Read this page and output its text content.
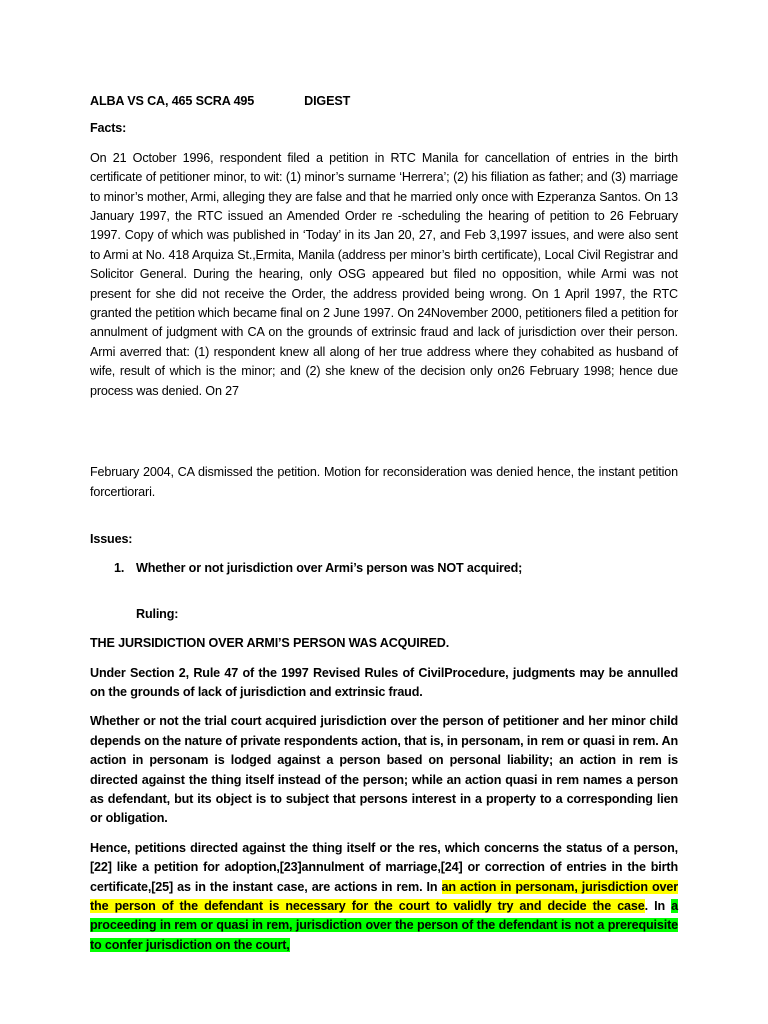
ALBA VS CA, 465 SCRA 495	DIGEST
Facts:

On 21 October 1996, respondent filed a petition in RTC Manila for cancellation of entries in the birth certificate of petitioner minor, to wit: (1) minor’s surname ‘Herrera’; (2) his filiation as father; and (3) marriage to minor’s mother, Armi, alleging they are false and that he married only once with Ezperanza Santos. On 13 January 1997, the RTC issued an Amended Order re -scheduling the hearing of petition to 26 February 1997. Copy of which was published in ‘Today’ in its Jan 20, 27, and Feb 3,1997 issues, and were also sent to Armi at No. 418 Arquiza St.,Ermita, Manila (address per minor’s birth certificate), Local Civil Registrar and Solicitor General. During the hearing, only OSG appeared but filed no opposition, while Armi was not present for she did not receive the Order, the address provided being wrong. On 1 April 1997, the RTC granted the petition which became final on 2 June 1997. On 24November 2000, petitioners filed a petition for annulment of judgment with CA on the grounds of extrinsic fraud and lack of jurisdiction over their person. Armi averred that: (1) respondent knew all along of her true address where they cohabited as husband of wife, result of which is the minor; and (2) she knew of the decision only on26 February 1998; hence due process was denied. On 27

February 2004, CA dismissed the petition. Motion for reconsideration was denied hence, the instant petition forcertiorari.

Issues:
1. Whether or not jurisdiction over Armi’s person was NOT acquired;
Ruling:

THE JURSIDICTION OVER ARMI’S PERSON WAS ACQUIRED.

Under Section 2, Rule 47 of the 1997 Revised Rules of CivilProcedure, judgments may be annulled on the grounds of lack of jurisdiction and extrinsic fraud.

Whether or not the trial court acquired jurisdiction over the person of petitioner and her minor child depends on the nature of private respondents action, that is, in personam, in rem or quasi in rem. An action in personam is lodged against a person based on personal liability; an action in rem is directed against the thing itself instead of the person; while an action quasi in rem names a person as defendant, but its object is to subject that persons interest in a property to a corresponding lien or obligation.

Hence, petitions directed against the thing itself or the res, which concerns the status of a person,[22] like a petition for adoption,[23]annulment of marriage,[24] or correction of entries in the birth certificate,[25] as in the instant case, are actions in rem. In an action in personam, jurisdiction over the person of the defendant is necessary for the court to validly try and decide the case. In a proceeding in rem or quasi in rem, jurisdiction over the person of the defendant is not a prerequisite to confer jurisdiction on the court,
